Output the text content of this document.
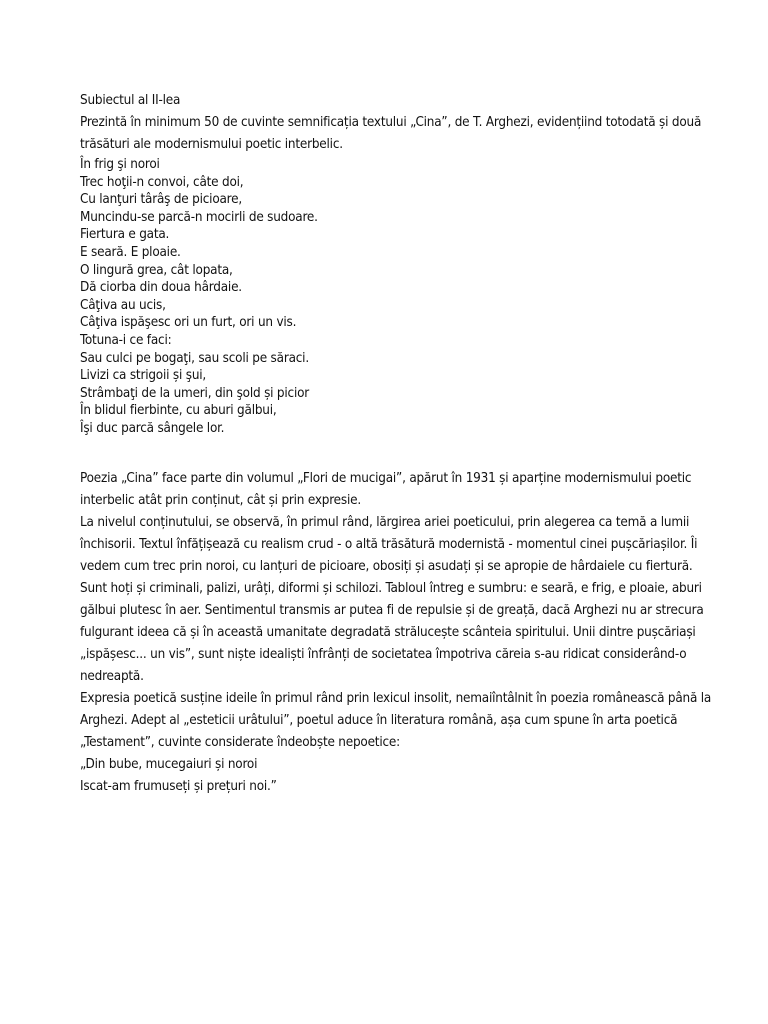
Subiectul al II-lea

Prezintă în minimum 50 de cuvinte semnificația textului „Cina”, de T. Arghezi, evidențiind totodată și două trăsături ale modernismului poetic interbelic.

În frig şi noroi
Trec hoţii-n convoi, câte doi,
Cu lanţuri târâş de picioare,
Muncindu-se parcă-n mocirli de sudoare.
Fiertura e gata.
E seară. E ploaie.
O lingură grea, cât lopata,
Dă ciorba din doua hârdaie.
Câţiva au ucis,
Câţiva ispăşesc ori un furt, ori un vis.
Totuna-i ce faci:
Sau culci pe bogaţi, sau scoli pe săraci.
Livizi ca strigoii și şui,
Strâmbaţi de la umeri, din şold și picior
În blidul fierbinte, cu aburi gălbui,
Îşi duc parcă sângele lor.

Poezia „Cina” face parte din volumul „Flori de mucigai”, apărut în 1931 și aparține modernismului poetic interbelic atât prin conținut, cât și prin expresie.

La nivelul conținutului, se observă, în primul rând, lărgirea ariei poeticului, prin alegerea ca temă a lumii închisorii. Textul înfățișează cu realism crud - o altă trăsătură modernistă - momentul cinei pușcăriașilor. Îi vedem cum trec prin noroi, cu lanțuri de picioare, obosiți și asudați și se apropie de hârdaiele cu fiertură. Sunt hoți și criminali, palizi, urâți, diformi și schilozi. Tabloul întreg e sumbru: e seară, e frig, e ploaie, aburi gălbui plutesc în aer. Sentimentul transmis ar putea fi de repulsie și de greață, dacă Arghezi nu ar strecura fulgurant ideea că și în această umanitate degradată strălucește scânteia spiritului. Unii dintre pușcăriași „ispășesc... un vis”, sunt niște idealiști înfrânți de societatea împotriva căreia s-au ridicat considerând-o nedreaptă.

Expresia poetică susține ideile în primul rând prin lexicul insolit, nemaiîntâlnit în poezia românească până la Arghezi. Adept al „esteticii urâtului”, poetul aduce în literatura română, așa cum spune în arta poetică „Testament”, cuvinte considerate îndeobște nepoetice:

„Din bube, mucegaiuri și noroi

Iscat-am frumuseți și prețuri noi.”
